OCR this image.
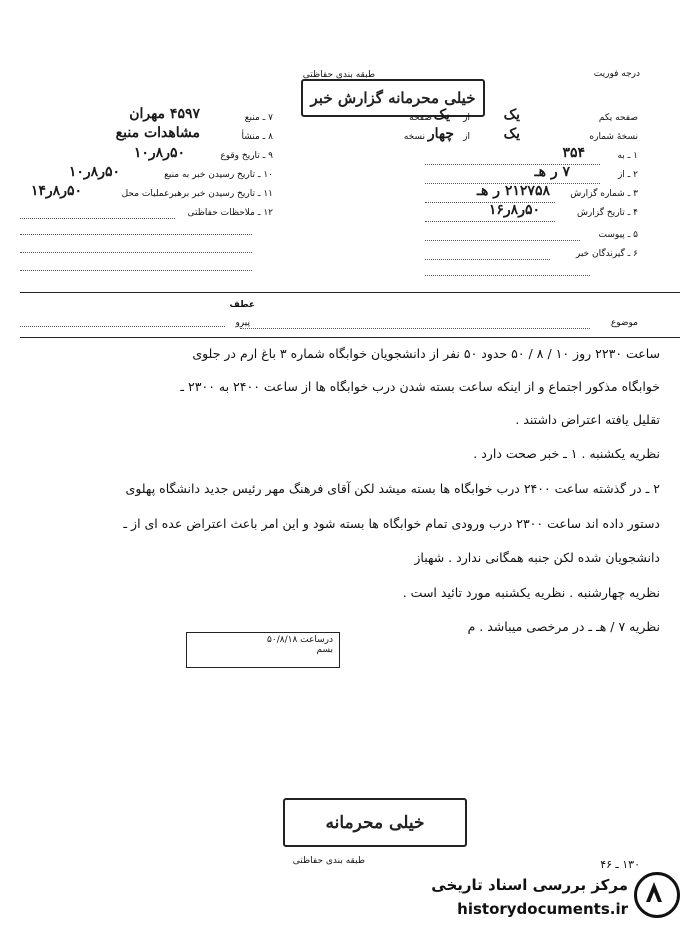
درجه فوریت
طبقه بندی حفاظتی
خیلی محرمانه گزارش خبر
صفحه یکم
یک
از
یک
صفحه
نسخهٔ شماره
یک
از
چهار
نسخه
۱ ـ به
۳۵۴
۲ ـ از
۷ ر هـ
۳ ـ شماره گزارش
۲۱۲۷۵۸ ر هـ
۴ ـ تاریخ گزارش
۵۰ر۸ر۱۶
۵ ـ پیوست
۶ ـ گیرندگان خبر
۷ ـ منبع
۴۵۹۷ مهران
۸ ـ منشأ
مشاهدات منبع
۹ ـ تاریخ وقوع
۵۰ر۸ر۱۰
۱۰ ـ تاریخ رسیدن خبر به منبع
۵۰ر۸ر۱۰
۱۱ ـ تاریخ رسیدن خبر برهبرعملیات محل
۵۰ر۸ر۱۴
۱۲ ـ ملاحظات حفاظتی
موضوع
عطف
پیرو
ساعت ۲۲۳۰ روز ۱۰ / ۸ / ۵۰ حدود ۵۰ نفر از دانشجویان خوابگاه شماره ۳ باغ ارم در جلوی
خوابگاه مذکور اجتماع و از اینکه ساعت بسته شدن درب خوابگاه ها از ساعت ۲۴۰۰ به ۲۳۰۰ ـ
تقلیل یافته اعتراض داشتند .
نظریه یکشنبه . ۱ ـ خبر صحت دارد .
۲ ـ در گذشته ساعت ۲۴۰۰ درب خوابگاه ها بسته میشد لکن آقای فرهنگ مهر رئیس جدید دانشگاه پهلوی
دستور داده اند ساعت ۲۳۰۰ درب ورودی تمام خوابگاه ها بسته شود و این امر باعث اعتراض عده ای از ـ
دانشجویان شده لکن جنبه همگانی ندارد . شهباز
نظریه چهارشنبه . نظریه یکشنبه مورد تائید است .
نظریه ۷ / هـ ـ در مرخصی میباشد . م
درساعت ۵۰/۸/۱۸
بسم
خیلی محرمانه
طبقه بندی حفاظتی	۱۳۰ ـ ۴۶
مرکز بررسی اسناد تاریخی
historydocuments.ir
